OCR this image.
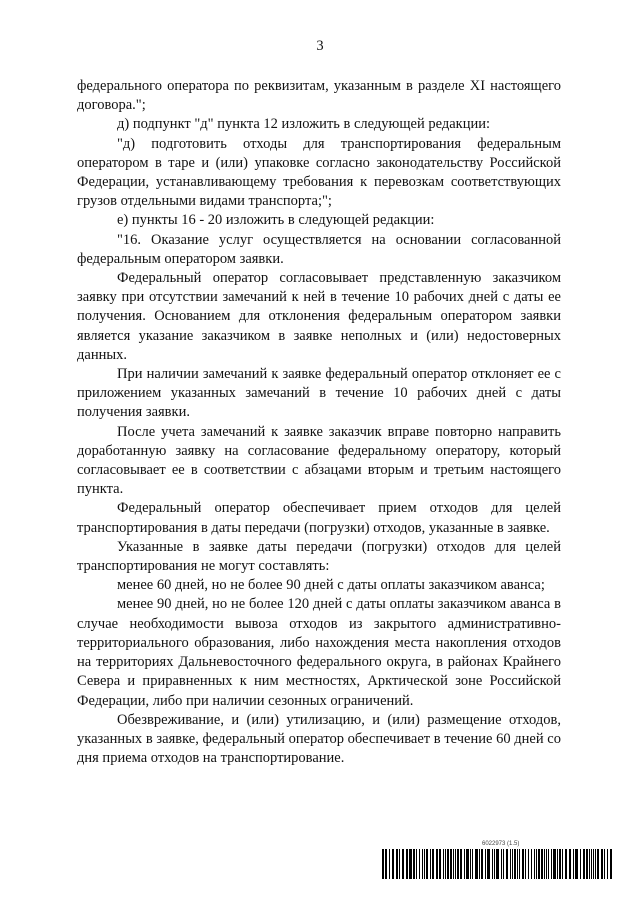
3

федерального оператора по реквизитам, указанным в разделе XI настоящего договора.";

д) подпункт "д" пункта 12 изложить в следующей редакции:

"д) подготовить отходы для транспортирования федеральным оператором в таре и (или) упаковке согласно законодательству Российской Федерации, устанавливающему требования к перевозкам соответствующих грузов отдельными видами транспорта;";

е) пункты 16 - 20 изложить в следующей редакции:

"16. Оказание услуг осуществляется на основании согласованной федеральным оператором заявки.

Федеральный оператор согласовывает представленную заказчиком заявку при отсутствии замечаний к ней в течение 10 рабочих дней с даты ее получения. Основанием для отклонения федеральным оператором заявки является указание заказчиком в заявке неполных и (или) недостоверных данных.

При наличии замечаний к заявке федеральный оператор отклоняет ее с приложением указанных замечаний в течение 10 рабочих дней с даты получения заявки.

После учета замечаний к заявке заказчик вправе повторно направить доработанную заявку на согласование федеральному оператору, который согласовывает ее в соответствии с абзацами вторым и третьим настоящего пункта.

Федеральный оператор обеспечивает прием отходов для целей транспортирования в даты передачи (погрузки) отходов, указанные в заявке.

Указанные в заявке даты передачи (погрузки) отходов для целей транспортирования не могут составлять:

менее 60 дней, но не более 90 дней с даты оплаты заказчиком аванса;

менее 90 дней, но не более 120 дней с даты оплаты заказчиком аванса в случае необходимости вывоза отходов из закрытого административно-территориального образования, либо нахождения места накопления отходов на территориях Дальневосточного федерального округа, в районах Крайнего Севера и приравненных к ним местностях, Арктической зоне Российской Федерации, либо при наличии сезонных ограничений.

Обезвреживание, и (или) утилизацию, и (или) размещение отходов, указанных в заявке, федеральный оператор обеспечивает в течение 60 дней со дня приема отходов на транспортирование.

6022973 (1.5)
